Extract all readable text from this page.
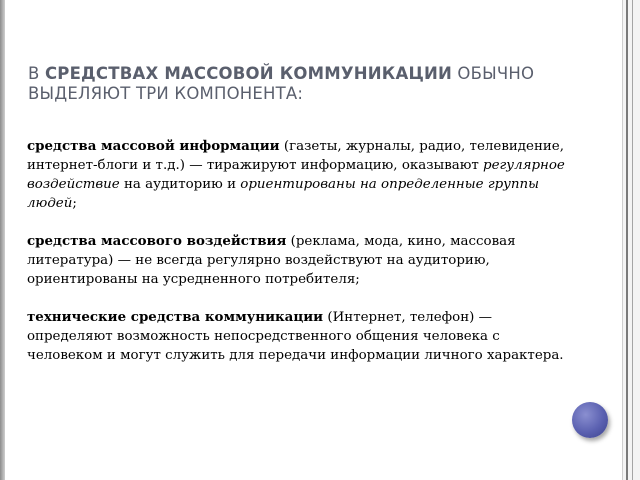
В СРЕДСТВАХ МАССОВОЙ КОММУНИКАЦИИ ОБЫЧНО ВЫДЕЛЯЮТ ТРИ КОМПОНЕНТА:

средства массовой информации (газеты, журналы, радио, телевидение, интернет-блоги и т.д.) — тиражируют информацию, оказывают регулярное воздействие на аудиторию и ориентированы на определенные группы людей;

средства массового воздействия (реклама, мода, кино, массовая литература) — не всегда регулярно воздействуют на аудиторию, ориентированы на усредненного потребителя;

технические средства коммуникации (Интернет, телефон) — определяют возможность непосредственного общения человека с человеком и могут служить для передачи информации личного характера.
